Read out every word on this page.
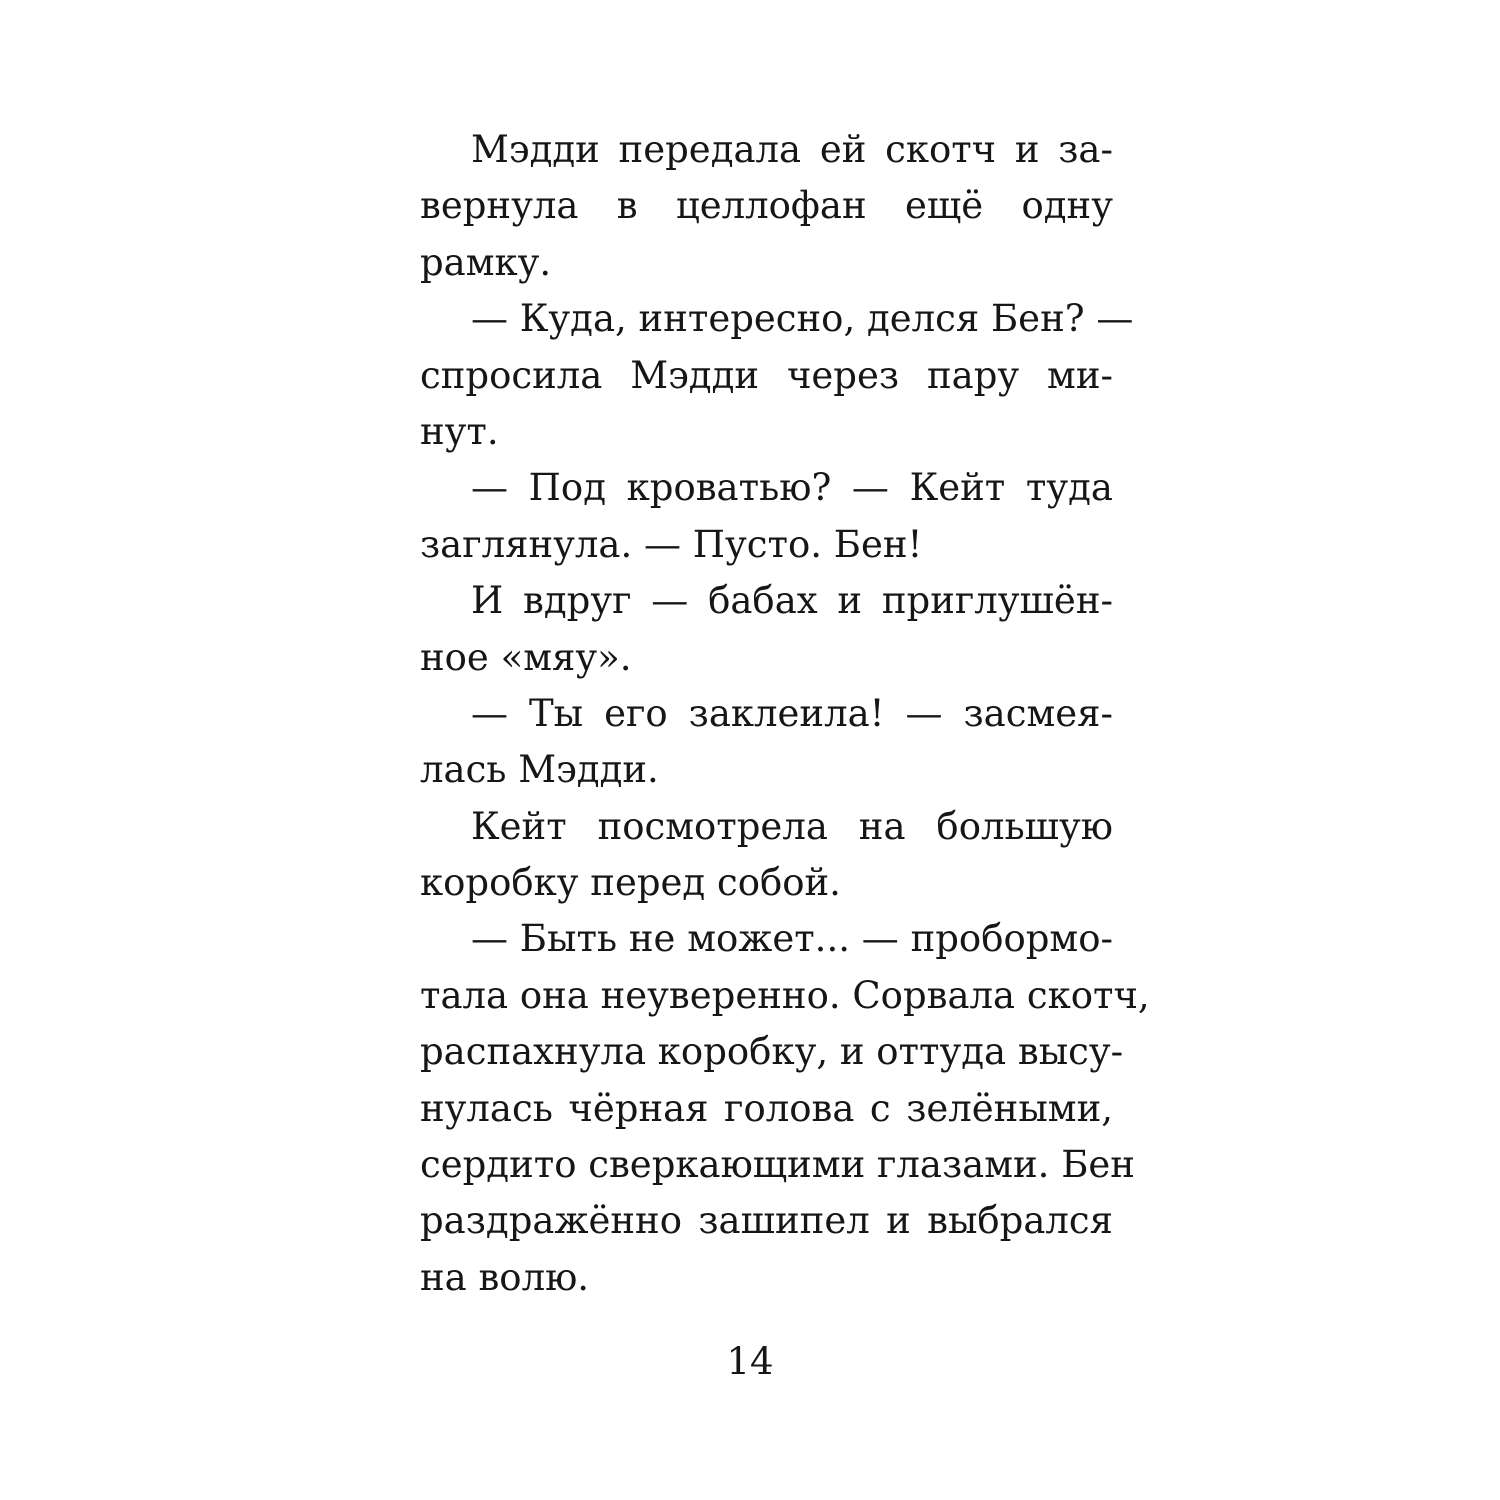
Мэдди передала ей скотч и за-
вернула в целлофан ещё одну
рамку.
— Куда, интересно, делся Бен? —
спросила Мэдди через пару ми-
нут.
— Под кроватью? — Кейт туда
заглянула. — Пусто. Бен!
И вдруг — бабах и приглушён-
ное «мяу».
— Ты его заклеила! — засмея-
лась Мэдди.
Кейт посмотрела на большую
коробку перед собой.
— Быть не может... — пробормо-
тала она неуверенно. Сорвала скотч,
распахнула коробку, и оттуда высу-
нулась чёрная голова с зелёными,
сердито сверкающими глазами. Бен
раздражённо зашипел и выбрался
на волю.
14
